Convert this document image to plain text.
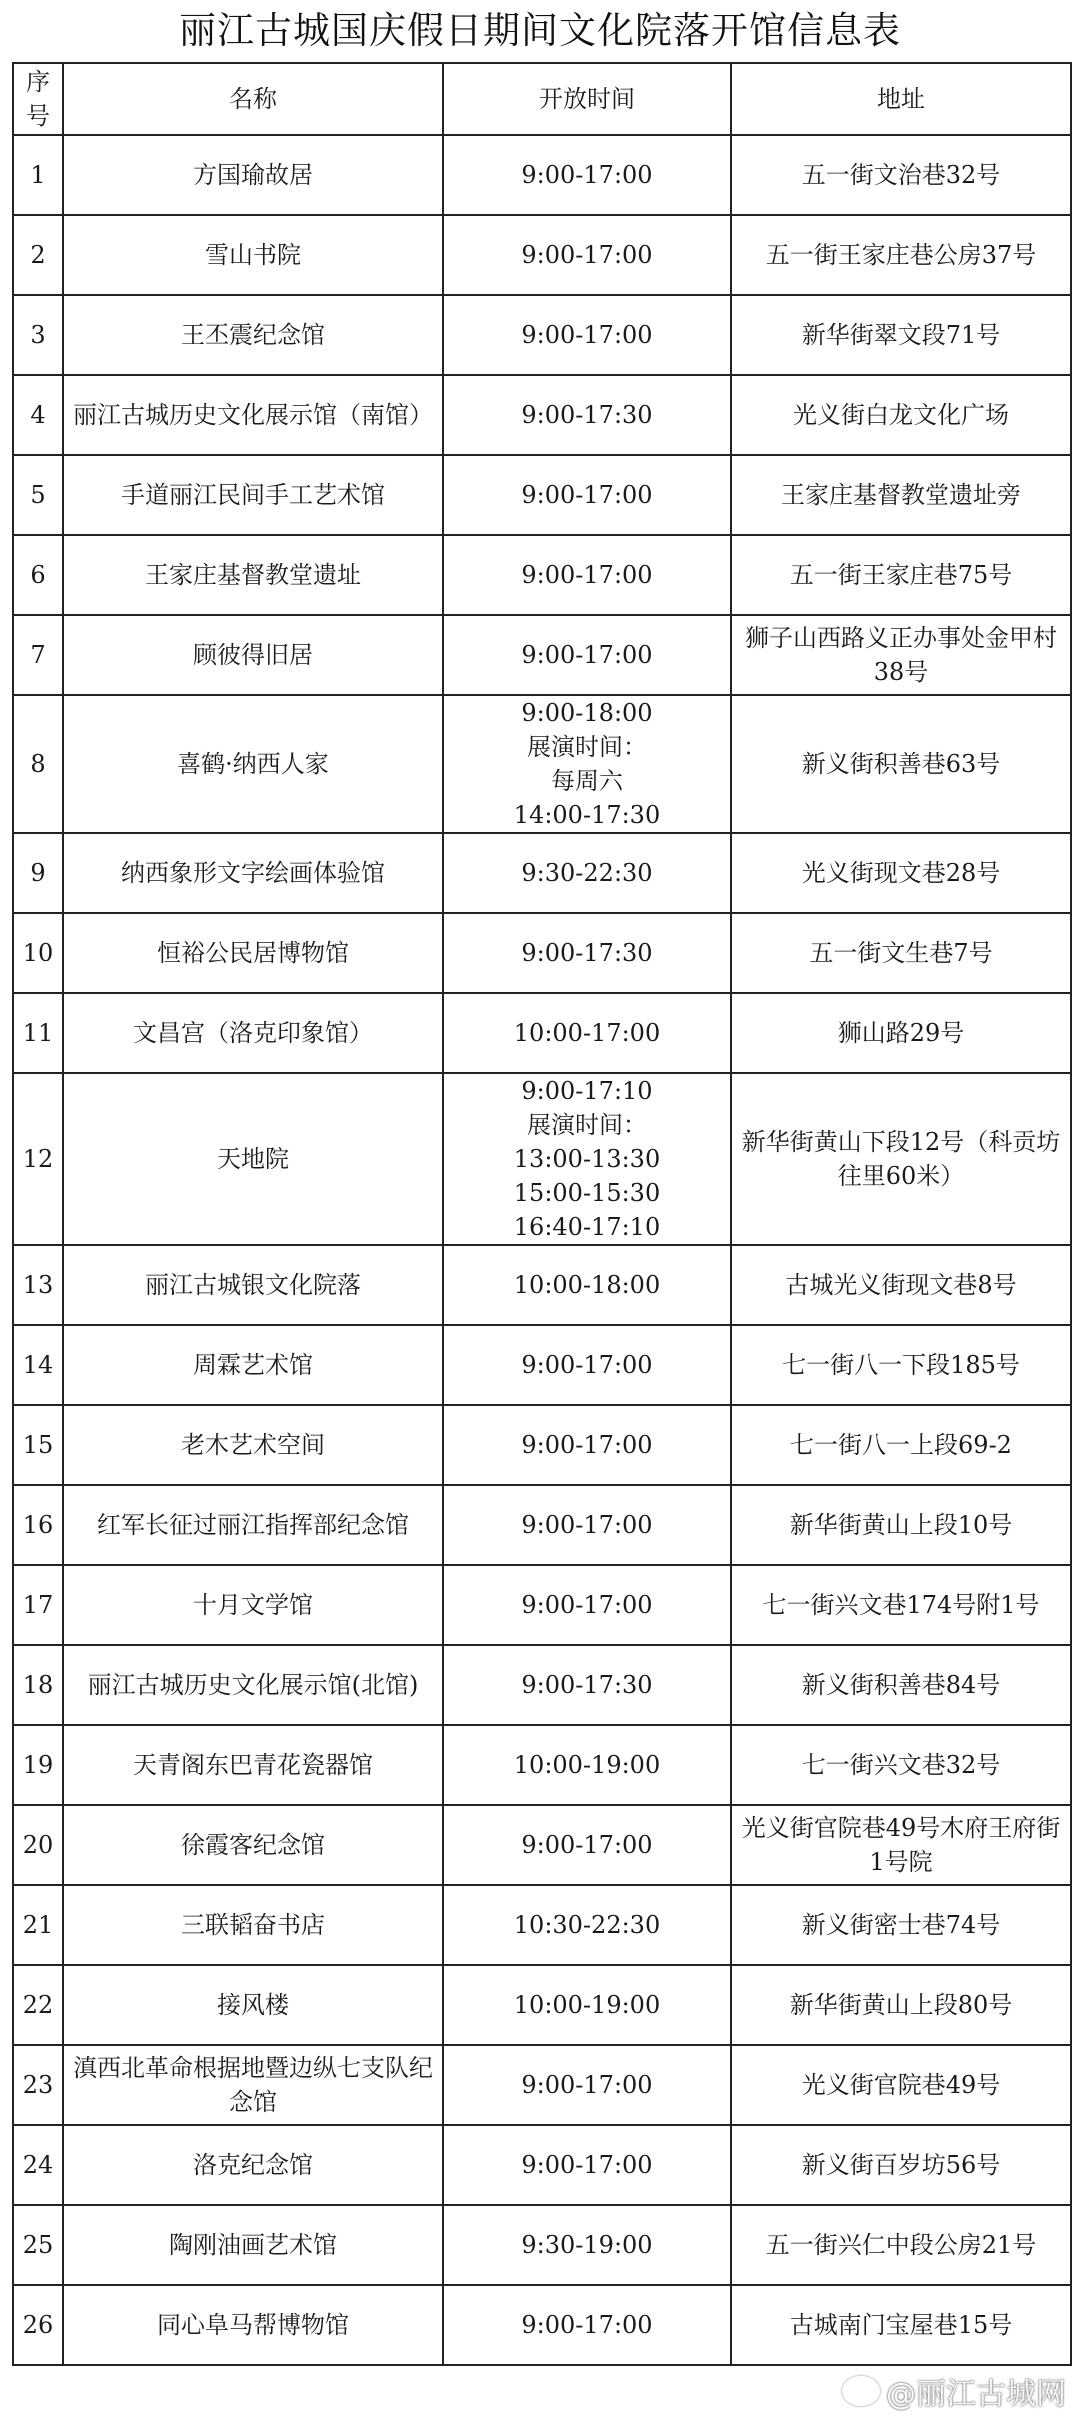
丽江古城国庆假日期间文化院落开馆信息表
序
号	名称	开放时间	地址
1	方国瑜故居	9:00-17:00	五一街文治巷32号
2	雪山书院	9:00-17:00	五一街王家庄巷公房37号
3	王丕震纪念馆	9:00-17:00	新华街翠文段71号
4	丽江古城历史文化展示馆（南馆）	9:00-17:30	光义街白龙文化广场
5	手道丽江民间手工艺术馆	9:00-17:00	王家庄基督教堂遗址旁
6	王家庄基督教堂遗址	9:00-17:00	五一街王家庄巷75号
7	顾彼得旧居	9:00-17:00	狮子山西路义正办事处金甲村38号
8	喜鹤·纳西人家	9:00-18:00
展演时间：
每周六
14:00-17:30	新义街积善巷63号
9	纳西象形文字绘画体验馆	9:30-22:30	光义街现文巷28号
10	恒裕公民居博物馆	9:00-17:30	五一街文生巷7号
11	文昌宫（洛克印象馆）	10:00-17:00	狮山路29号
12	天地院	9:00-17:10
展演时间：
13:00-13:30
15:00-15:30
16:40-17:10	新华街黄山下段12号（科贡坊往里60米）
13	丽江古城银文化院落	10:00-18:00	古城光义街现文巷8号
14	周霖艺术馆	9:00-17:00	七一街八一下段185号
15	老木艺术空间	9:00-17:00	七一街八一上段69-2
16	红军长征过丽江指挥部纪念馆	9:00-17:00	新华街黄山上段10号
17	十月文学馆	9:00-17:00	七一街兴文巷174号附1号
18	丽江古城历史文化展示馆(北馆)	9:00-17:30	新义街积善巷84号
19	天青阁东巴青花瓷器馆	10:00-19:00	七一街兴文巷32号
20	徐霞客纪念馆	9:00-17:00	光义街官院巷49号木府王府街1号院
21	三联韬奋书店	10:30-22:30	新义街密士巷74号
22	接风楼	10:00-19:00	新华街黄山上段80号
23	滇西北革命根据地暨边纵七支队纪念馆	9:00-17:00	光义街官院巷49号
24	洛克纪念馆	9:00-17:00	新义街百岁坊56号
25	陶刚油画艺术馆	9:30-19:00	五一街兴仁中段公房21号
26	同心阜马帮博物馆	9:00-17:00	古城南门宝屋巷15号
@丽江古城网
